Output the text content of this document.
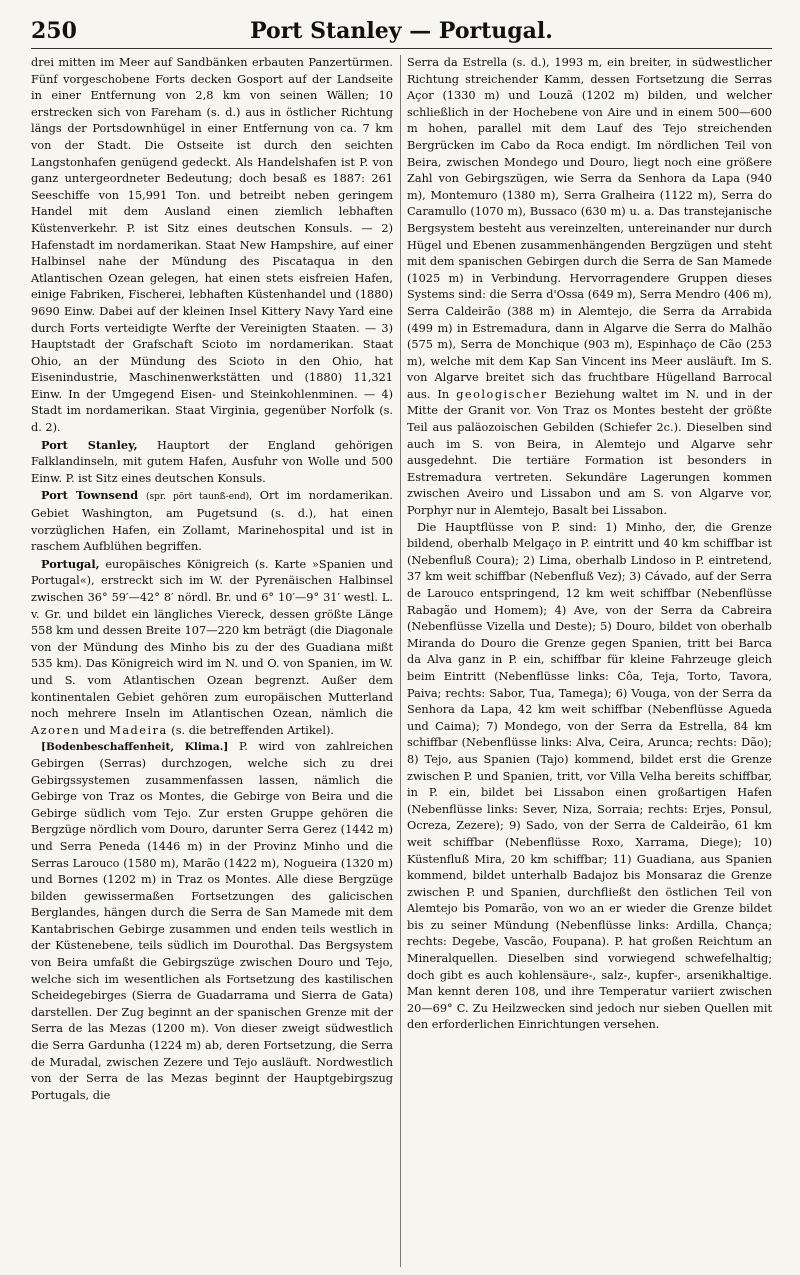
250	Port Stanley — Portugal.

drei mitten im Meer auf Sandbänken erbauten Panzertürmen. Fünf vorgeschobene Forts decken Gosport auf der Landseite in einer Entfernung von 2,8 km von seinen Wällen; 10 erstrecken sich von Fareham (s. d.) aus in östlicher Richtung längs der Portsdownhügel in einer Entfernung von ca. 7 km von der Stadt. Die Ostseite ist durch den seichten Langstonhafen genügend gedeckt. Als Handelshafen ist P. von ganz untergeordneter Bedeutung; doch besaß es 1887: 261 Seeschiffe von 15,991 Ton. und betreibt neben geringem Handel mit dem Ausland einen ziemlich lebhaften Küstenverkehr. P. ist Sitz eines deutschen Konsuls. — 2) Hafenstadt im nordamerikan. Staat New Hampshire, auf einer Halbinsel nahe der Mündung des Piscataqua in den Atlantischen Ozean gelegen, hat einen stets eisfreien Hafen, einige Fabriken, Fischerei, lebhaften Küstenhandel und (1880) 9690 Einw. Dabei auf der kleinen Insel Kittery Navy Yard eine durch Forts verteidigte Werfte der Vereinigten Staaten. — 3) Hauptstadt der Grafschaft Scioto im nordamerikan. Staat Ohio, an der Mündung des Scioto in den Ohio, hat Eisenindustrie, Maschinenwerkstätten und (1880) 11,321 Einw. In der Umgegend Eisen- und Steinkohlenminen. — 4) Stadt im nordamerikan. Staat Virginia, gegenüber Norfolk (s. d. 2).

Port Stanley, Hauptort der England gehörigen Falklandinseln, mit gutem Hafen, Ausfuhr von Wolle und 500 Einw. P. ist Sitz eines deutschen Konsuls.

Port Townsend (spr. pōrt taunß-end), Ort im nordamerikan. Gebiet Washington, am Pugetsund (s. d.), hat einen vorzüglichen Hafen, ein Zollamt, Marinehospital und ist in raschem Aufblühen begriffen.

Portugal, europäisches Königreich (s. Karte »Spanien und Portugal«), erstreckt sich im W. der Pyrenäischen Halbinsel zwischen 36° 59′—42° 8′ nördl. Br. und 6° 10′—9° 31′ westl. L. v. Gr. und bildet ein längliches Viereck, dessen größte Länge 558 km und dessen Breite 107—220 km beträgt (die Diagonale von der Mündung des Minho bis zu der des Guadiana mißt 535 km). Das Königreich wird im N. und O. von Spanien, im W. und S. vom Atlantischen Ozean begrenzt. Außer dem kontinentalen Gebiet gehören zum europäischen Mutterland noch mehrere Inseln im Atlantischen Ozean, nämlich die Azoren und Madeira (s. die betreffenden Artikel).

[Bodenbeschaffenheit, Klima.] P. wird von zahlreichen Gebirgen (Serras) durchzogen, welche sich zu drei Gebirgssystemen zusammenfassen lassen, nämlich die Gebirge von Traz os Montes, die Gebirge von Beira und die Gebirge südlich vom Tejo. Zur ersten Gruppe gehören die Bergzüge nördlich vom Douro, darunter Serra Gerez (1442 m) und Serra Peneda (1446 m) in der Provinz Minho und die Serras Larouco (1580 m), Marão (1422 m), Nogueira (1320 m) und Bornes (1202 m) in Traz os Montes. Alle diese Bergzüge bilden gewissermaßen Fortsetzungen des galicischen Berglandes, hängen durch die Serra de San Mamede mit dem Kantabrischen Gebirge zusammen und enden teils westlich in der Küstenebene, teils südlich im Dourothal. Das Bergsystem von Beira umfaßt die Gebirgszüge zwischen Douro und Tejo, welche sich im wesentlichen als Fortsetzung des kastilischen Scheidegebirges (Sierra de Guadarrama und Sierra de Gata) darstellen. Der Zug beginnt an der spanischen Grenze mit der Serra de las Mezas (1200 m). Von dieser zweigt südwestlich die Serra Gardunha (1224 m) ab, deren Fortsetzung, die Serra de Muradal, zwischen Zezere und Tejo ausläuft. Nordwestlich von der Serra de las Mezas beginnt der Hauptgebirgszug Portugals, die

Serra da Estrella (s. d.), 1993 m, ein breiter, in südwestlicher Richtung streichender Kamm, dessen Fortsetzung die Serras Açor (1330 m) und Louzã (1202 m) bilden, und welcher schließlich in der Hochebene von Aire und in einem 500—600 m hohen, parallel mit dem Lauf des Tejo streichenden Bergrücken im Cabo da Roca endigt. Im nördlichen Teil von Beira, zwischen Mondego und Douro, liegt noch eine größere Zahl von Gebirgszügen, wie Serra da Senhora da Lapa (940 m), Montemuro (1380 m), Serra Gralheira (1122 m), Serra do Caramullo (1070 m), Bussaco (630 m) u. a. Das transtejanische Bergsystem besteht aus vereinzelten, untereinander nur durch Hügel und Ebenen zusammenhängenden Bergzügen und steht mit dem spanischen Gebirgen durch die Serra de San Mamede (1025 m) in Verbindung. Hervorragendere Gruppen dieses Systems sind: die Serra d'Ossa (649 m), Serra Mendro (406 m), Serra Caldeirão (388 m) in Alemtejo, die Serra da Arrabida (499 m) in Estremadura, dann in Algarve die Serra do Malhão (575 m), Serra de Monchique (903 m), Espinhaço de Cão (253 m), welche mit dem Kap San Vincent ins Meer ausläuft. Im S. von Algarve breitet sich das fruchtbare Hügelland Barrocal aus. In geologischer Beziehung waltet im N. und in der Mitte der Granit vor. Von Traz os Montes besteht der größte Teil aus paläozoischen Gebilden (Schiefer 2c.). Dieselben sind auch im S. von Beira, in Alemtejo und Algarve sehr ausgedehnt. Die tertiäre Formation ist besonders in Estremadura vertreten. Sekundäre Lagerungen kommen zwischen Aveiro und Lissabon und am S. von Algarve vor, Porphyr nur in Alemtejo, Basalt bei Lissabon.

Die Hauptflüsse von P. sind: 1) Minho, der, die Grenze bildend, oberhalb Melgaço in P. eintritt und 40 km schiffbar ist (Nebenfluß Coura); 2) Lima, oberhalb Lindoso in P. eintretend, 37 km weit schiffbar (Nebenfluß Vez); 3) Cávado, auf der Serra de Larouco entspringend, 12 km weit schiffbar (Nebenflüsse Rabagão und Homem); 4) Ave, von der Serra da Cabreira (Nebenflüsse Vizella und Deste); 5) Douro, bildet von oberhalb Miranda do Douro die Grenze gegen Spanien, tritt bei Barca da Alva ganz in P. ein, schiffbar für kleine Fahrzeuge gleich beim Eintritt (Nebenflüsse links: Côa, Teja, Torto, Tavora, Paiva; rechts: Sabor, Tua, Tamega); 6) Vouga, von der Serra da Senhora da Lapa, 42 km weit schiffbar (Nebenflüsse Agueda und Caima); 7) Mondego, von der Serra da Estrella, 84 km schiffbar (Nebenflüsse links: Alva, Ceira, Arunca; rechts: Dão); 8) Tejo, aus Spanien (Tajo) kommend, bildet erst die Grenze zwischen P. und Spanien, tritt, vor Villa Velha bereits schiffbar, in P. ein, bildet bei Lissabon einen großartigen Hafen (Nebenflüsse links: Sever, Niza, Sorraia; rechts: Erjes, Ponsul, Ocreza, Zezere); 9) Sado, von der Serra de Caldeirão, 61 km weit schiffbar (Nebenflüsse Roxo, Xarrama, Diege); 10) Küstenfluß Mira, 20 km schiffbar; 11) Guadiana, aus Spanien kommend, bildet unterhalb Badajoz bis Monsaraz die Grenze zwischen P. und Spanien, durchfließt den östlichen Teil von Alemtejo bis Pomarão, von wo an er wieder die Grenze bildet bis zu seiner Mündung (Nebenflüsse links: Ardilla, Chança; rechts: Degebe, Vascão, Foupana). P. hat großen Reichtum an Mineralquellen. Dieselben sind vorwiegend schwefelhaltig; doch gibt es auch kohlensäure-, salz-, kupfer-, arsenikhaltige. Man kennt deren 108, und ihre Temperatur variiert zwischen 20—69° C. Zu Heilzwecken sind jedoch nur sieben Quellen mit den erforderlichen Einrichtungen versehen.
